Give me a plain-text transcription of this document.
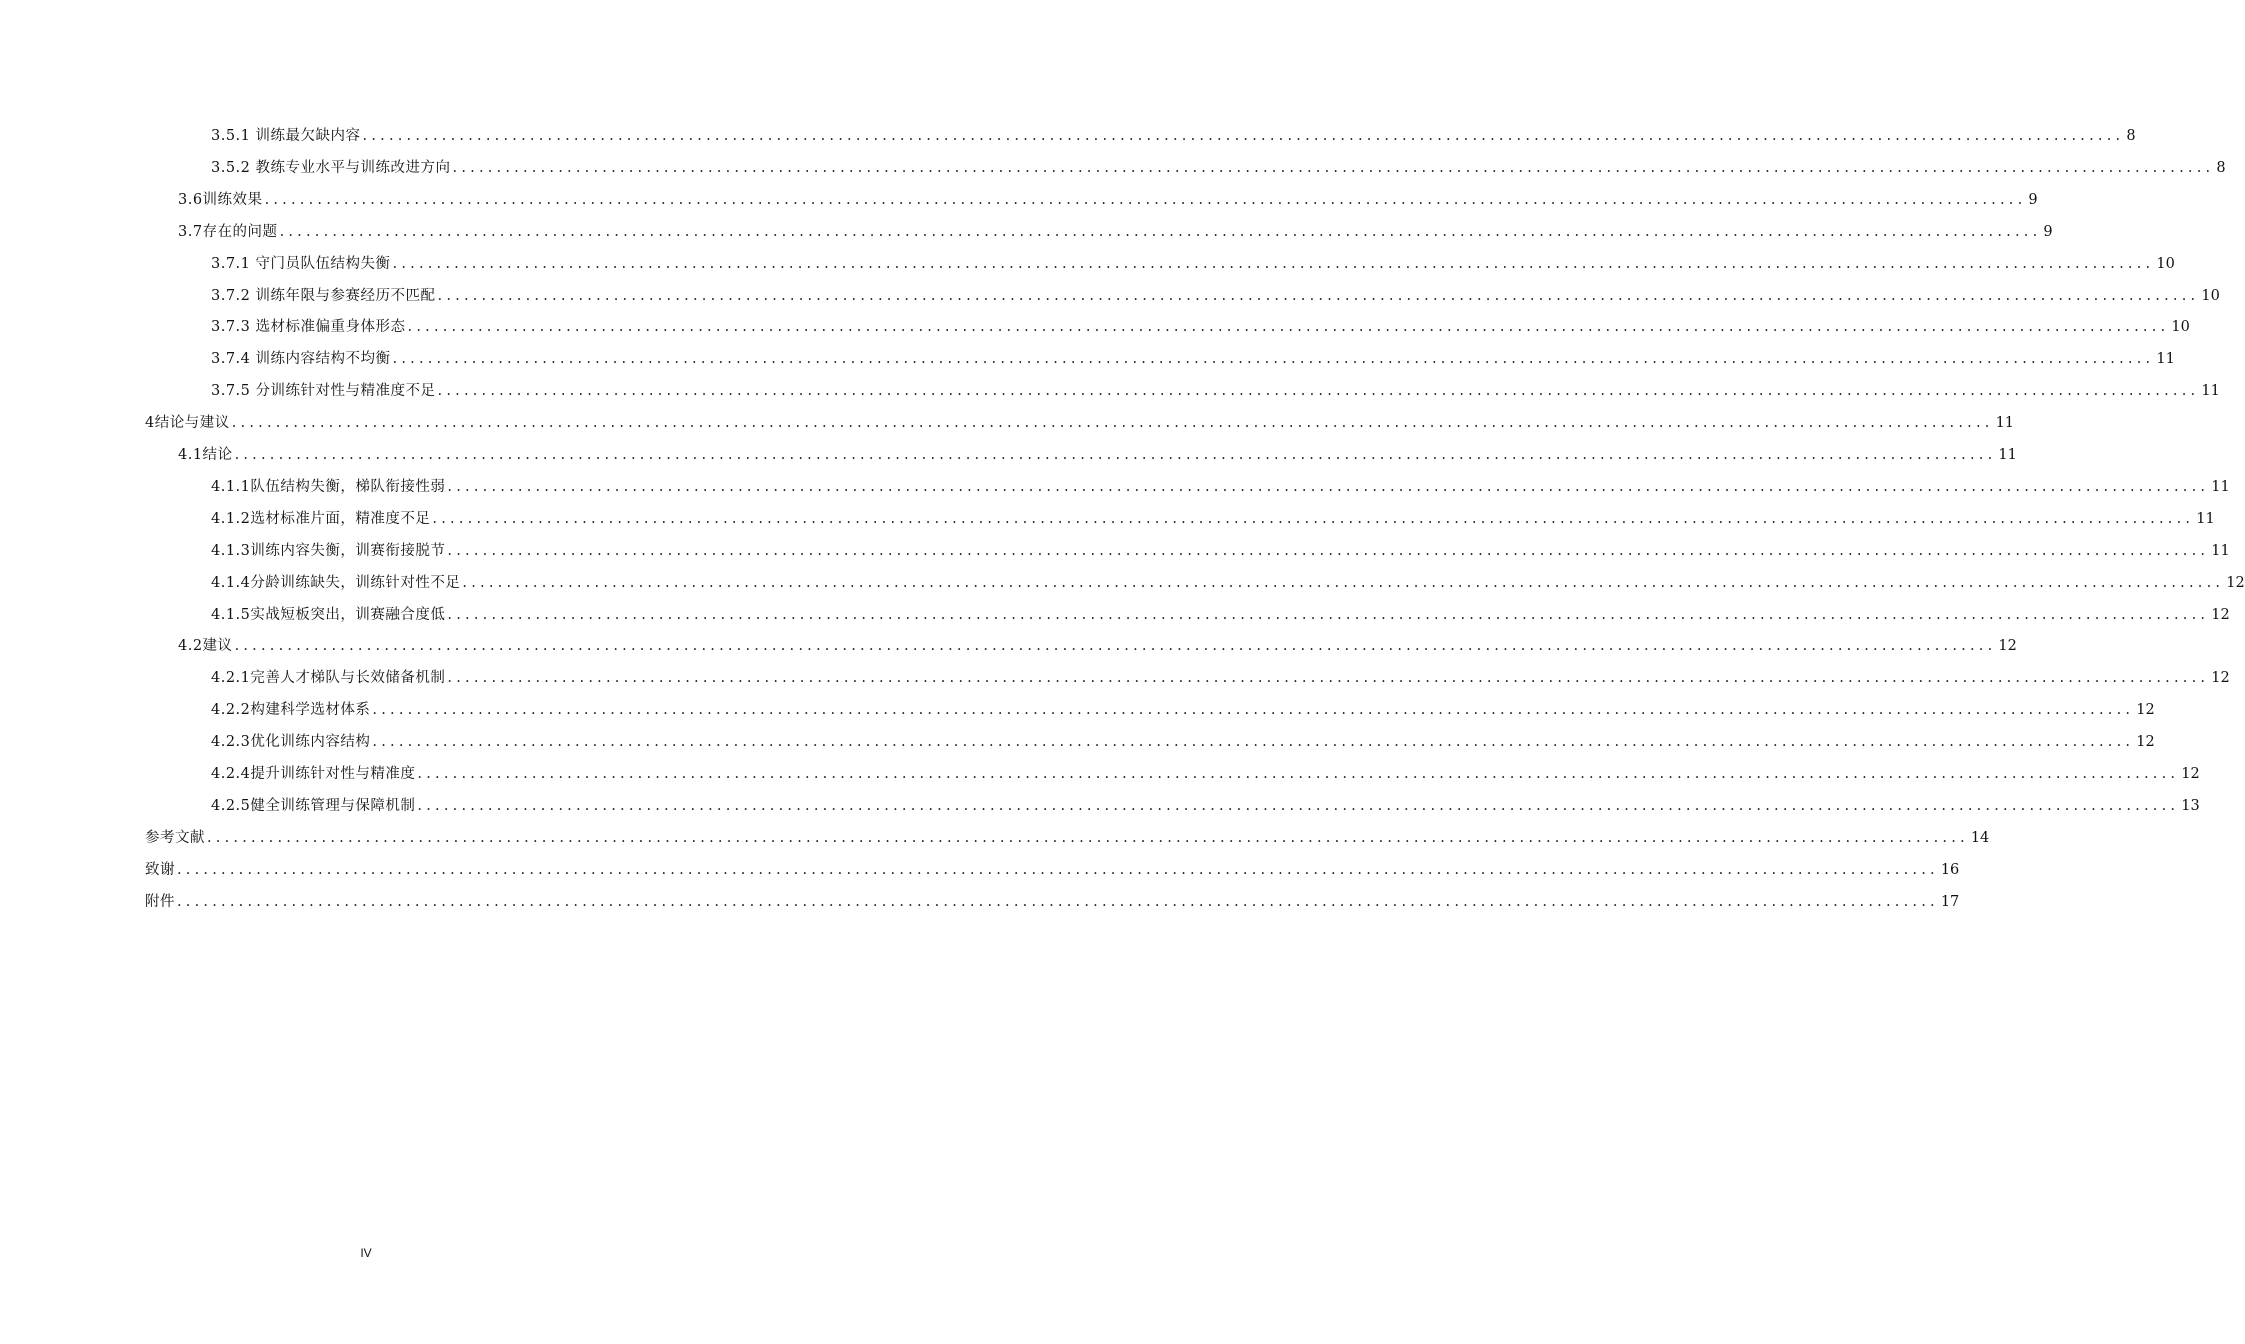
3.5.1 训练最欠缺内容 ........................................................................................................................................................................................................ 8
3.5.2 教练专业水平与训练改进方向 ........................................................................................................................................................................................................ 8
3.6训练效果 ........................................................................................................................................................................................................ 9
3.7存在的问题 ........................................................................................................................................................................................................ 9
3.7.1 守门员队伍结构失衡 ........................................................................................................................................................................................................ 10
3.7.2 训练年限与参赛经历不匹配 ........................................................................................................................................................................................................ 10
3.7.3 选材标准偏重身体形态 ........................................................................................................................................................................................................ 10
3.7.4 训练内容结构不均衡 ........................................................................................................................................................................................................ 11
3.7.5 分训练针对性与精准度不足 ........................................................................................................................................................................................................ 11
4结论与建议 ........................................................................................................................................................................................................ 11
4.1结论 ........................................................................................................................................................................................................ 11
4.1.1队伍结构失衡，梯队衔接性弱 ........................................................................................................................................................................................................ 11
4.1.2选材标准片面，精准度不足 ........................................................................................................................................................................................................ 11
4.1.3训练内容失衡，训赛衔接脱节 ........................................................................................................................................................................................................ 11
4.1.4分龄训练缺失，训练针对性不足 ........................................................................................................................................................................................................ 12
4.1.5实战短板突出，训赛融合度低 ........................................................................................................................................................................................................ 12
4.2建议 ........................................................................................................................................................................................................ 12
4.2.1完善人才梯队与长效储备机制 ........................................................................................................................................................................................................ 12
4.2.2构建科学选材体系 ........................................................................................................................................................................................................ 12
4.2.3优化训练内容结构 ........................................................................................................................................................................................................ 12
4.2.4提升训练针对性与精准度 ........................................................................................................................................................................................................ 12
4.2.5健全训练管理与保障机制 ........................................................................................................................................................................................................ 13
参考文献 ........................................................................................................................................................................................................ 14
致谢 ........................................................................................................................................................................................................ 16
附件 ........................................................................................................................................................................................................ 17
IV
